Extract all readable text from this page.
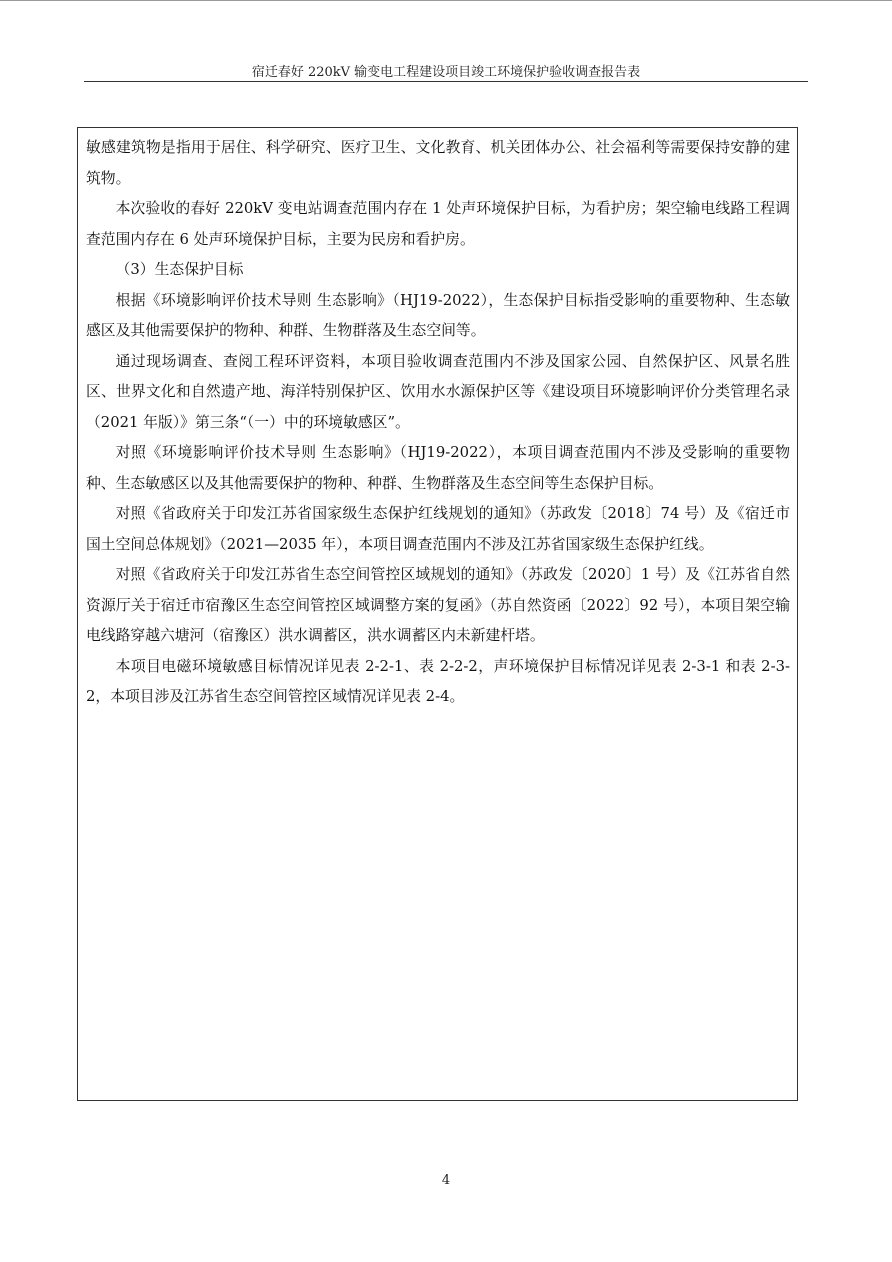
宿迁春好 220kV 输变电工程建设项目竣工环境保护验收调查报告表

敏感建筑物是指用于居住、科学研究、医疗卫生、文化教育、机关团体办公、社会福利等需要保持安静的建筑物。

本次验收的春好 220kV 变电站调查范围内存在 1 处声环境保护目标，为看护房；架空输电线路工程调查范围内存在 6 处声环境保护目标，主要为民房和看护房。

（3）生态保护目标

根据《环境影响评价技术导则 生态影响》（HJ19-2022），生态保护目标指受影响的重要物种、生态敏感区及其他需要保护的物种、种群、生物群落及生态空间等。

通过现场调查、查阅工程环评资料，本项目验收调查范围内不涉及国家公园、自然保护区、风景名胜区、世界文化和自然遗产地、海洋特别保护区、饮用水水源保护区等《建设项目环境影响评价分类管理名录（2021 年版）》第三条“（一）中的环境敏感区”。

对照《环境影响评价技术导则 生态影响》（HJ19-2022），本项目调查范围内不涉及受影响的重要物种、生态敏感区以及其他需要保护的物种、种群、生物群落及生态空间等生态保护目标。

对照《省政府关于印发江苏省国家级生态保护红线规划的通知》（苏政发〔2018〕74 号）及《宿迁市国土空间总体规划》（2021—2035 年），本项目调查范围内不涉及江苏省国家级生态保护红线。

对照《省政府关于印发江苏省生态空间管控区域规划的通知》（苏政发〔2020〕1 号）及《江苏省自然资源厅关于宿迁市宿豫区生态空间管控区域调整方案的复函》（苏自然资函〔2022〕92 号），本项目架空输电线路穿越六塘河（宿豫区）洪水调蓄区，洪水调蓄区内未新建杆塔。

本项目电磁环境敏感目标情况详见表 2-2-1、表 2-2-2，声环境保护目标情况详见表 2-3-1 和表 2-3-2，本项目涉及江苏省生态空间管控区域情况详见表 2-4。

4
